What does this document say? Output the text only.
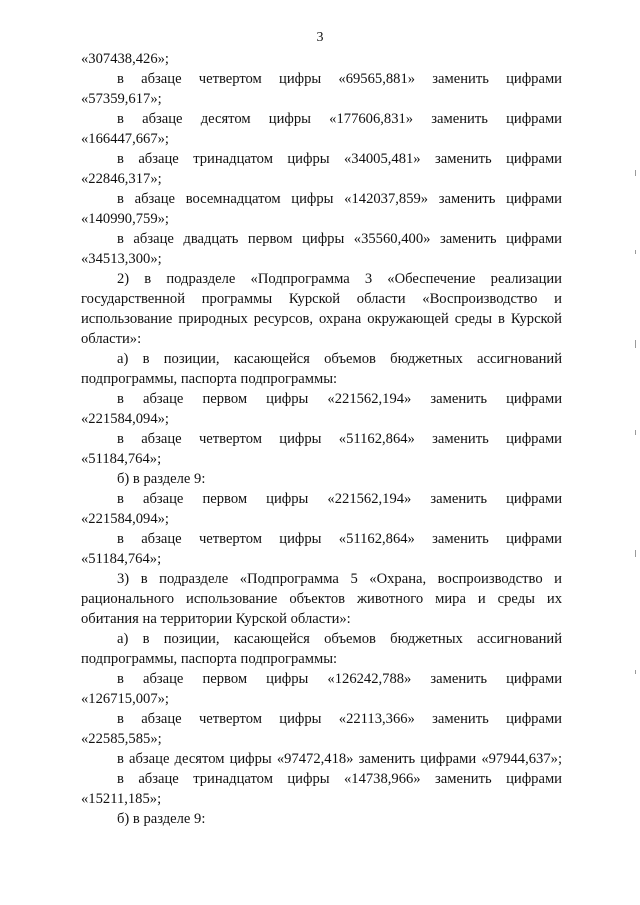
3
«307438,426»;
в абзаце четвертом цифры «69565,881» заменить цифрами
«57359,617»;
в абзаце десятом цифры «177606,831» заменить цифрами
«166447,667»;
в абзаце тринадцатом цифры «34005,481» заменить цифрами
«22846,317»;
в абзаце восемнадцатом цифры «142037,859» заменить цифрами
«140990,759»;
в абзаце двадцать первом цифры «35560,400» заменить цифрами
«34513,300»;
2) в подразделе «Подпрограмма 3 «Обеспечение реализации
государственной программы Курской области «Воспроизводство и
использование природных ресурсов, охрана окружающей среды в Курской
области»:
а) в позиции, касающейся объемов бюджетных ассигнований
подпрограммы, паспорта подпрограммы:
в абзаце первом цифры «221562,194» заменить цифрами
«221584,094»;
в абзаце четвертом цифры «51162,864» заменить цифрами
«51184,764»;
б) в разделе 9:
в абзаце первом цифры «221562,194» заменить цифрами
«221584,094»;
в абзаце четвертом цифры «51162,864» заменить цифрами
«51184,764»;
3) в подразделе «Подпрограмма 5 «Охрана, воспроизводство и
рационального использование объектов животного мира и среды их
обитания на территории Курской области»:
а) в позиции, касающейся объемов бюджетных ассигнований
подпрограммы, паспорта подпрограммы:
в абзаце первом цифры «126242,788» заменить цифрами
«126715,007»;
в абзаце четвертом цифры «22113,366» заменить цифрами
«22585,585»;
в абзаце десятом цифры «97472,418» заменить цифрами «97944,637»;
в абзаце тринадцатом цифры «14738,966» заменить цифрами
«15211,185»;
б) в разделе 9:
